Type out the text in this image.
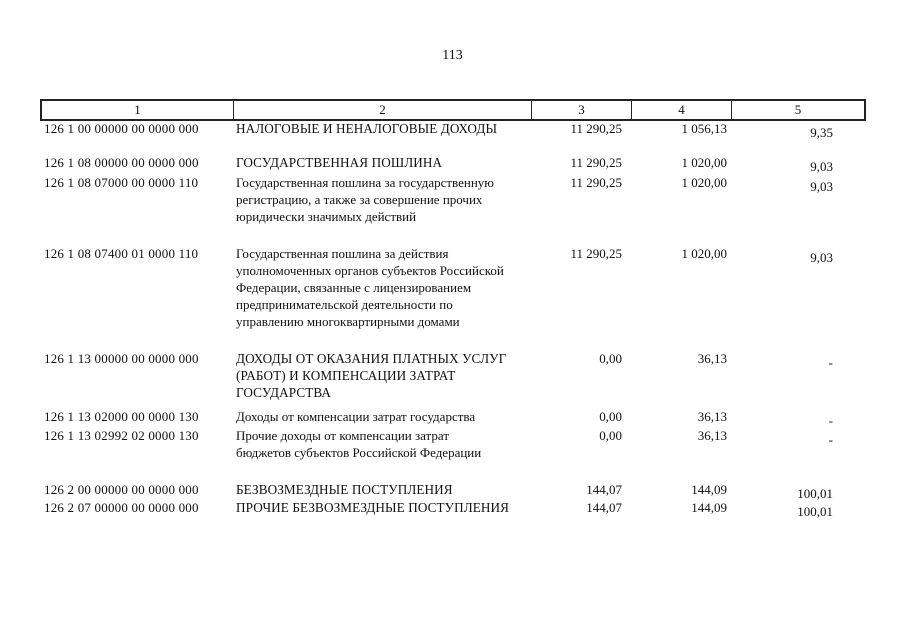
113
1	2	3	4	5
126 1 00 00000 00 0000 000	НАЛОГОВЫЕ И НЕНАЛОГОВЫЕ ДОХОДЫ	11 290,25	1 056,13	9,35
126 1 08 00000 00 0000 000	ГОСУДАРСТВЕННАЯ ПОШЛИНА	11 290,25	1 020,00	9,03
126 1 08 07000 00 0000 110	Государственная пошлина за государственную
регистрацию, а также за совершение прочих
юридически значимых действий
11 290,25	1 020,00	9,03
126 1 08 07400 01 0000 110	Государственная пошлина за действия
уполномоченных органов субъектов Российской
Федерации, связанные с лицензированием
предпринимательской деятельности по
управлению многоквартирными домами
11 290,25	1 020,00	9,03
126 1 13 00000 00 0000 000	ДОХОДЫ ОТ ОКАЗАНИЯ ПЛАТНЫХ УСЛУГ
(РАБОТ) И КОМПЕНСАЦИИ ЗАТРАТ
ГОСУДАРСТВА
0,00	36,13	-
126 1 13 02000 00 0000 130	Доходы от компенсации затрат государства	0,00	36,13	-
126 1 13 02992 02 0000 130	Прочие доходы от компенсации затрат
бюджетов субъектов Российской Федерации
0,00	36,13	-
126 2 00 00000 00 0000 000	БЕЗВОЗМЕЗДНЫЕ ПОСТУПЛЕНИЯ	144,07	144,09	100,01
126 2 07 00000 00 0000 000	ПРОЧИЕ БЕЗВОЗМЕЗДНЫЕ ПОСТУПЛЕНИЯ	144,07	144,09	100,01
